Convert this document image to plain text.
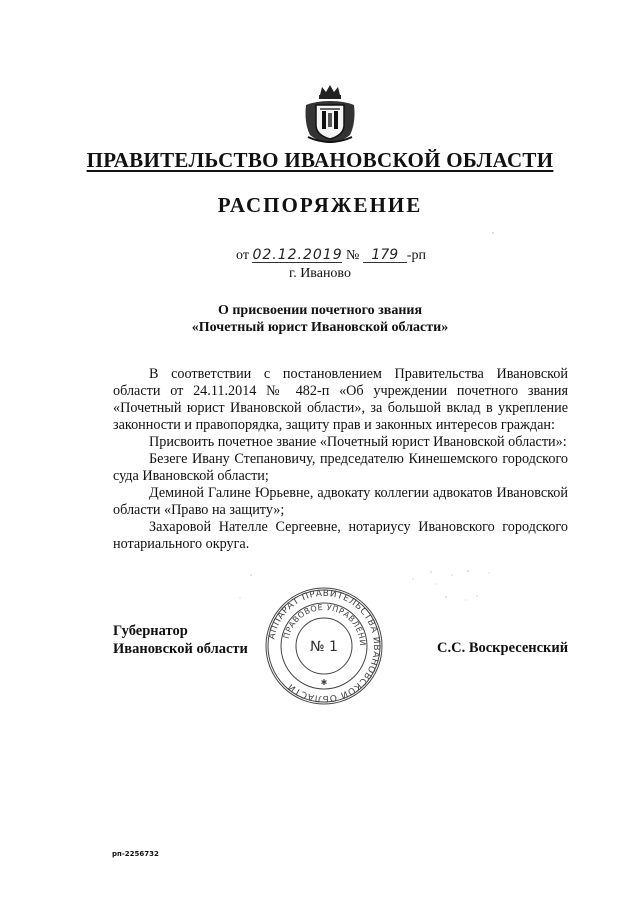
ПРАВИТЕЛЬСТВО ИВАНОВСКОЙ ОБЛАСТИ
РАСПОРЯЖЕНИЕ
от 02.12.2019 № 179 -рп
г. Иваново
О присвоении почетного звания
«Почетный юрист Ивановской области»
В соответствии с постановлением Правительства Ивановской области от 24.11.2014 № 482-п «Об учреждении почетного звания «Почетный юрист Ивановской области», за большой вклад в укрепление законности и правопорядка, защиту прав и законных интересов граждан:
Присвоить почетное звание «Почетный юрист Ивановской области»:
Безеге Ивану Степановичу, председателю Кинешемского городского суда Ивановской области;
Деминой Галине Юрьевне, адвокату коллегии адвокатов Ивановской области «Право на защиту»;
Захаровой Нателле Сергеевне, нотариусу Ивановского городского нотариального округа.
АППАРАТ ПРАВИТЕЛЬСТВА ИВАНОВСКОЙ ОБЛАСТИ
ПРАВОВОЕ УПРАВЛЕНИ
№ 1
✱
Губернатор
Ивановской области	С.С. Воскресенский
рп-2256732
